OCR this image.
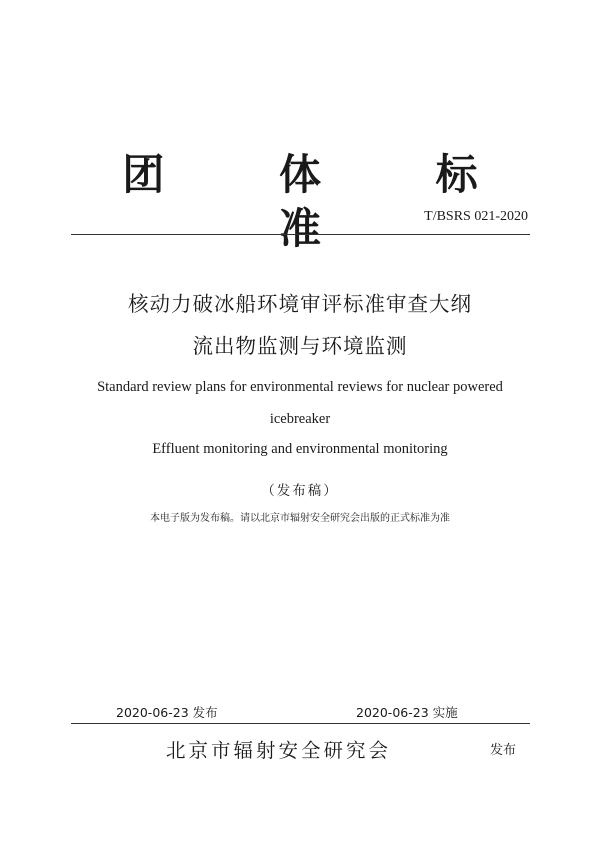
团 体 标 准	T/BSRS 021-2020
核动力破冰船环境审评标准审查大纲
流出物监测与环境监测
Standard review plans for environmental reviews for nuclear powered
icebreaker
Effluent monitoring and environmental monitoring
（发布稿）
本电子版为发布稿。请以北京市辐射安全研究会出版的正式标准为准
2020-06-23 发布	2020-06-23 实施
北京市辐射安全研究会	发布
